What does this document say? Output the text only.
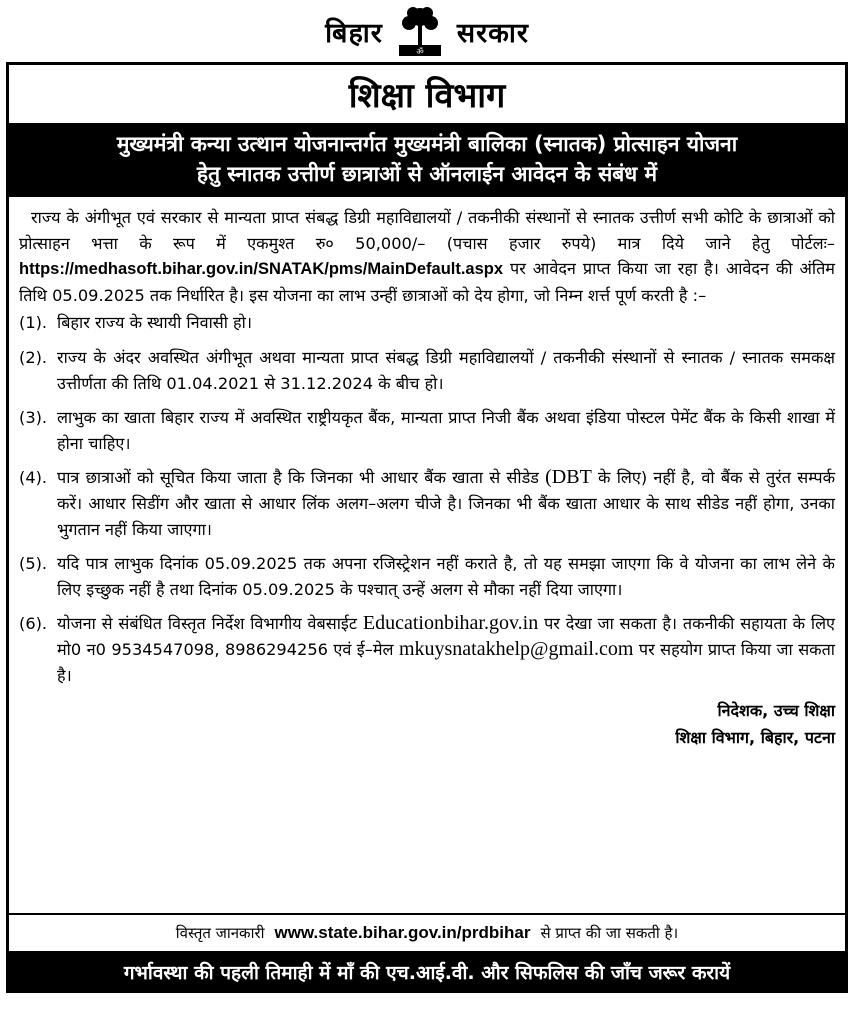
बिहार
ॐ
सरकार
शिक्षा विभाग
मुख्यमंत्री कन्या उत्थान योजनान्तर्गत मुख्यमंत्री बालिका (स्नातक) प्रोत्साहन योजना
हेतु स्नातक उत्तीर्ण छात्राओं से ऑनलाईन आवेदन के संबंध में

राज्य के अंगीभूत एवं सरकार से मान्यता प्राप्त संबद्ध डिग्री महाविद्यालयों / तकनीकी संस्थानों से स्नातक उत्तीर्ण सभी कोटि के छात्राओं को प्रोत्साहन भत्ता के रूप में एकमुश्त रु० 50,000/– (पचास हजार रुपये) मात्र दिये जाने हेतु पोर्टलः–https://medhasoft.bihar.gov.in/SNATAK/pms/MainDefault.aspx पर आवेदन प्राप्त किया जा रहा है। आवेदन की अंतिम तिथि 05.09.2025 तक निर्धारित है। इस योजना का लाभ उन्हीं छात्राओं को देय होगा, जो निम्न शर्त्त पूर्ण करती है :–

(1). बिहार राज्य के स्थायी निवासी हो।
(2). राज्य के अंदर अवस्थित अंगीभूत अथवा मान्यता प्राप्त संबद्ध डिग्री महाविद्यालयों / तकनीकी संस्थानों से स्नातक / स्नातक समकक्ष उत्तीर्णता की तिथि 01.04.2021 से 31.12.2024 के बीच हो।
(3). लाभुक का खाता बिहार राज्य में अवस्थित राष्ट्रीयकृत बैंक, मान्यता प्राप्त निजी बैंक अथवा इंडिया पोस्टल पेमेंट बैंक के किसी शाखा में होना चाहिए।
(4). पात्र छात्राओं को सूचित किया जाता है कि जिनका भी आधार बैंक खाता से सीडेड (DBT के लिए) नहीं है, वो बैंक से तुरंत सम्पर्क करें। आधार सिडींग और खाता से आधार लिंक अलग–अलग चीजे है। जिनका भी बैंक खाता आधार के साथ सीडेड नहीं होगा, उनका भुगतान नहीं किया जाएगा।
(5). यदि पात्र लाभुक दिनांक 05.09.2025 तक अपना रजिस्ट्रेशन नहीं कराते है, तो यह समझा जाएगा कि वे योजना का लाभ लेने के लिए इच्छुक नहीं है तथा दिनांक 05.09.2025 के पश्चात् उन्हें अलग से मौका नहीं दिया जाएगा।
(6). योजना से संबंधित विस्तृत निर्देश विभागीय वेबसाईट Educationbihar.gov.in पर देखा जा सकता है। तकनीकी सहायता के लिए मो0 न0 9534547098, 8986294256 एवं ई–मेल mkuysnatakhelp@gmail.com पर सहयोग प्राप्त किया जा सकता है।
निदेशक, उच्च शिक्षा
शिक्षा विभाग, बिहार, पटना
विस्तृत जानकारी www.state.bihar.gov.in/prdbihar से प्राप्त की जा सकती है।
गर्भावस्था की पहली तिमाही में माँ की एच.आई.वी. और सिफलिस की जाँच जरूर करायें
